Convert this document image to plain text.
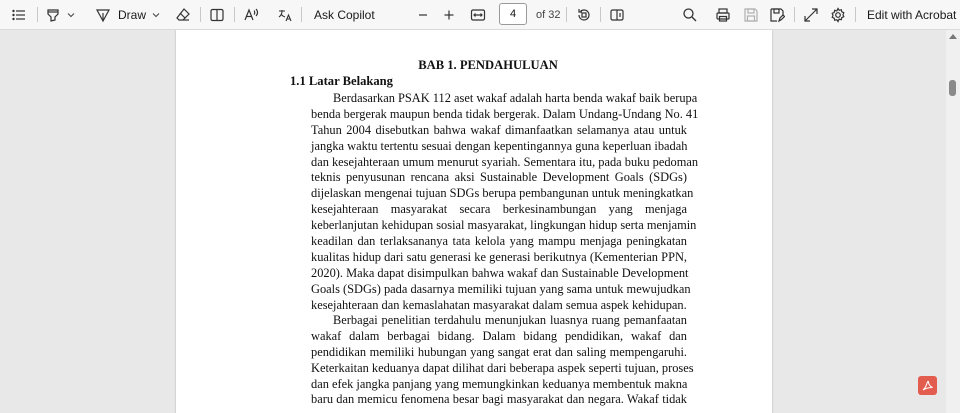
Draw	Ask Copilot	4	of 32	Edit with Acrobat
BAB 1. PENDAHULUAN
1.1 Latar Belakang
Berdasarkan PSAK 112 aset wakaf adalah harta benda wakaf baik berupa
benda bergerak maupun benda tidak bergerak. Dalam Undang-Undang No. 41
Tahun 2004 disebutkan bahwa wakaf dimanfaatkan selamanya atau untuk
jangka waktu tertentu sesuai dengan kepentingannya guna keperluan ibadah
dan kesejahteraan umum menurut syariah. Sementara itu, pada buku pedoman
teknis penyusunan rencana aksi Sustainable Development Goals (SDGs)
dijelaskan mengenai tujuan SDGs berupa pembangunan untuk meningkatkan
kesejahteraan masyarakat secara berkesinambungan yang menjaga
keberlanjutan kehidupan sosial masyarakat, lingkungan hidup serta menjamin
keadilan dan terlaksananya tata kelola yang mampu menjaga peningkatan
kualitas hidup dari satu generasi ke generasi berikutnya (Kementerian PPN,
2020). Maka dapat disimpulkan bahwa wakaf dan Sustainable Development
Goals (SDGs) pada dasarnya memiliki tujuan yang sama untuk mewujudkan
kesejahteraan dan kemaslahatan masyarakat dalam semua aspek kehidupan.
Berbagai penelitian terdahulu menunjukan luasnya ruang pemanfaatan
wakaf dalam berbagai bidang. Dalam bidang pendidikan, wakaf dan
pendidikan memiliki hubungan yang sangat erat dan saling mempengaruhi.
Keterkaitan keduanya dapat dilihat dari beberapa aspek seperti tujuan, proses
dan efek jangka panjang yang memungkinkan keduanya membentuk makna
baru dan memicu fenomena besar bagi masyarakat dan negara. Wakaf tidak
